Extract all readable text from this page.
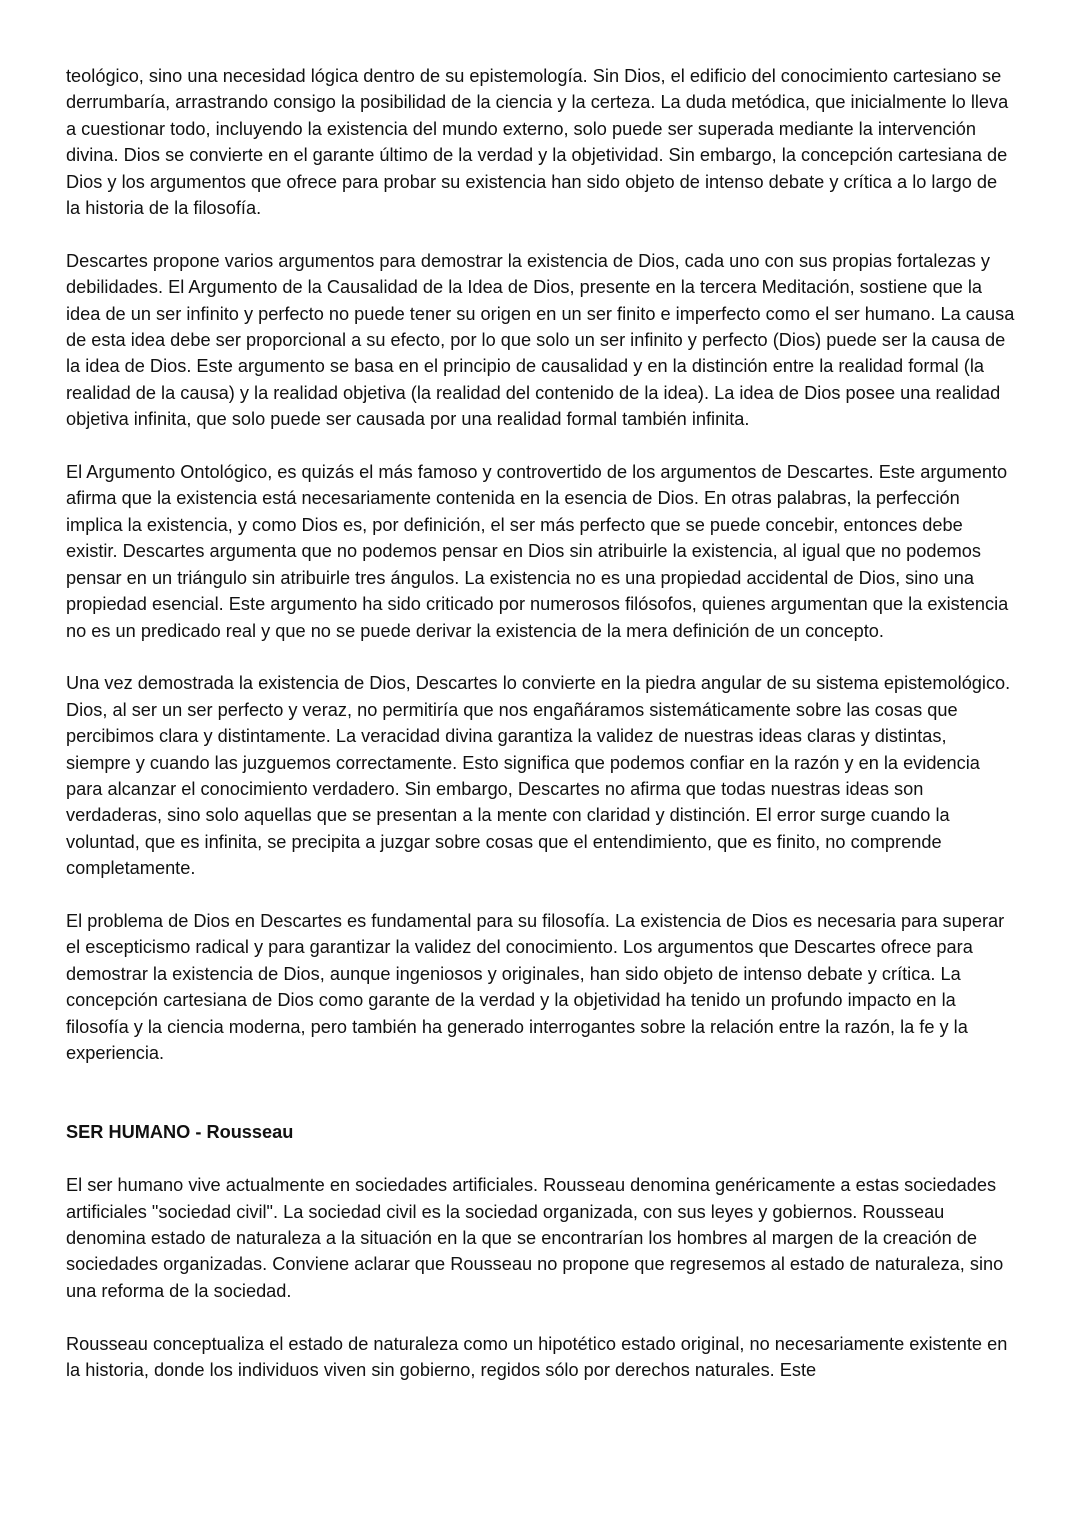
teológico, sino una necesidad lógica dentro de su epistemología. Sin Dios, el edificio del conocimiento cartesiano se derrumbaría, arrastrando consigo la posibilidad de la ciencia y la certeza. La duda metódica, que inicialmente lo lleva a cuestionar todo, incluyendo la existencia del mundo externo, solo puede ser superada mediante la intervención divina. Dios se convierte en el garante último de la verdad y la objetividad. Sin embargo, la concepción cartesiana de Dios y los argumentos que ofrece para probar su existencia han sido objeto de intenso debate y crítica a lo largo de la historia de la filosofía.

Descartes propone varios argumentos para demostrar la existencia de Dios, cada uno con sus propias fortalezas y debilidades. El Argumento de la Causalidad de la Idea de Dios, presente en la tercera Meditación, sostiene que la idea de un ser infinito y perfecto no puede tener su origen en un ser finito e imperfecto como el ser humano. La causa de esta idea debe ser proporcional a su efecto, por lo que solo un ser infinito y perfecto (Dios) puede ser la causa de la idea de Dios. Este argumento se basa en el principio de causalidad y en la distinción entre la realidad formal (la realidad de la causa) y la realidad objetiva (la realidad del contenido de la idea). La idea de Dios posee una realidad objetiva infinita, que solo puede ser causada por una realidad formal también infinita.

El Argumento Ontológico, es quizás el más famoso y controvertido de los argumentos de Descartes. Este argumento afirma que la existencia está necesariamente contenida en la esencia de Dios. En otras palabras, la perfección implica la existencia, y como Dios es, por definición, el ser más perfecto que se puede concebir, entonces debe existir. Descartes argumenta que no podemos pensar en Dios sin atribuirle la existencia, al igual que no podemos pensar en un triángulo sin atribuirle tres ángulos. La existencia no es una propiedad accidental de Dios, sino una propiedad esencial. Este argumento ha sido criticado por numerosos filósofos, quienes argumentan que la existencia no es un predicado real y que no se puede derivar la existencia de la mera definición de un concepto.

Una vez demostrada la existencia de Dios, Descartes lo convierte en la piedra angular de su sistema epistemológico. Dios, al ser un ser perfecto y veraz, no permitiría que nos engañáramos sistemáticamente sobre las cosas que percibimos clara y distintamente. La veracidad divina garantiza la validez de nuestras ideas claras y distintas, siempre y cuando las juzguemos correctamente. Esto significa que podemos confiar en la razón y en la evidencia para alcanzar el conocimiento verdadero. Sin embargo, Descartes no afirma que todas nuestras ideas son verdaderas, sino solo aquellas que se presentan a la mente con claridad y distinción. El error surge cuando la voluntad, que es infinita, se precipita a juzgar sobre cosas que el entendimiento, que es finito, no comprende completamente.

El problema de Dios en Descartes es fundamental para su filosofía. La existencia de Dios es necesaria para superar el escepticismo radical y para garantizar la validez del conocimiento. Los argumentos que Descartes ofrece para demostrar la existencia de Dios, aunque ingeniosos y originales, han sido objeto de intenso debate y crítica. La concepción cartesiana de Dios como garante de la verdad y la objetividad ha tenido un profundo impacto en la filosofía y la ciencia moderna, pero también ha generado interrogantes sobre la relación entre la razón, la fe y la experiencia.

SER HUMANO - Rousseau

El ser humano vive actualmente en sociedades artificiales. Rousseau denomina genéricamente a estas sociedades artificiales "sociedad civil". La sociedad civil es la sociedad organizada, con sus leyes y gobiernos. Rousseau denomina estado de naturaleza a la situación en la que se encontrarían los hombres al margen de la creación de sociedades organizadas. Conviene aclarar que Rousseau no propone que regresemos al estado de naturaleza, sino una reforma de la sociedad.

Rousseau conceptualiza el estado de naturaleza como un hipotético estado original, no necesariamente existente en la historia, donde los individuos viven sin gobierno, regidos sólo por derechos naturales. Este
